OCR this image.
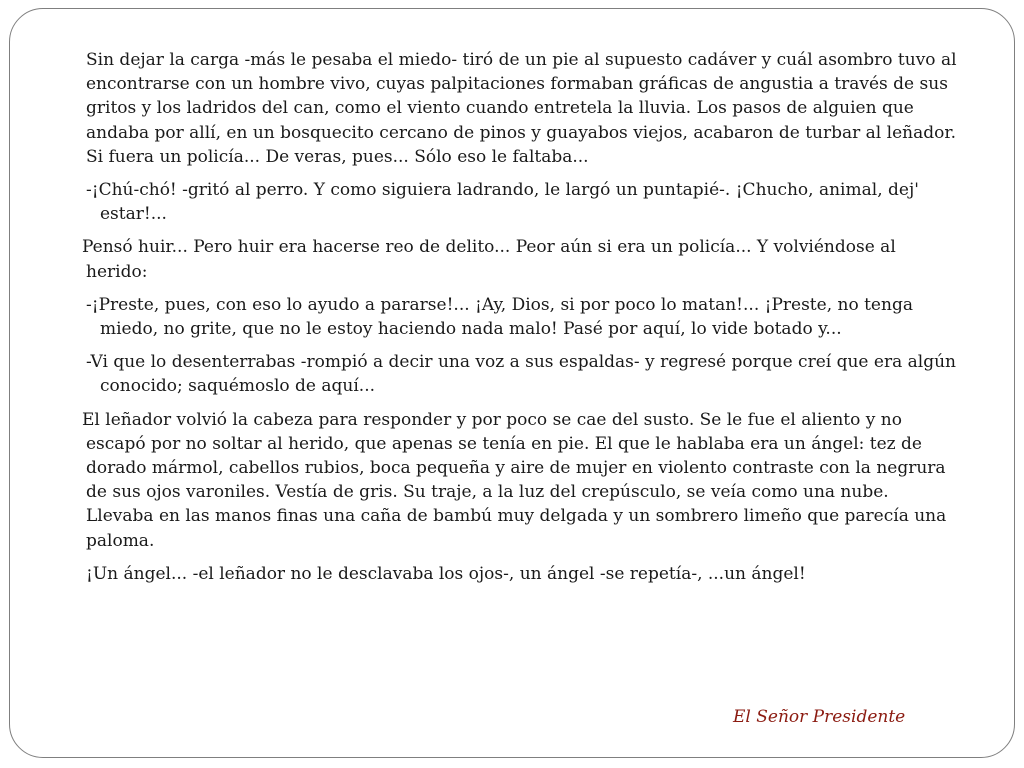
Sin dejar la carga -más le pesaba el miedo- tiró de un pie al supuesto cadáver y cuál asombro tuvo al encontrarse con un hombre vivo, cuyas palpitaciones formaban gráficas de angustia a través de sus gritos y los ladridos del can, como el viento cuando entretela la lluvia. Los pasos de alguien que andaba por allí, en un bosquecito cercano de pinos y guayabos viejos, acabaron de turbar al leñador. Si fuera un policía... De veras, pues... Sólo eso le faltaba...

-¡Chú-chó! -gritó al perro. Y como siguiera ladrando, le largó un puntapié-. ¡Chucho, animal, dej' estar!...

Pensó huir... Pero huir era hacerse reo de delito... Peor aún si era un policía... Y volviéndose al herido:

-¡Preste, pues, con eso lo ayudo a pararse!... ¡Ay, Dios, si por poco lo matan!... ¡Preste, no tenga miedo, no grite, que no le estoy haciendo nada malo! Pasé por aquí, lo vide botado y...

-Vi que lo desenterrabas -rompió a decir una voz a sus espaldas- y regresé porque creí que era algún conocido; saquémoslo de aquí...

El leñador volvió la cabeza para responder y por poco se cae del susto. Se le fue el aliento y no escapó por no soltar al herido, que apenas se tenía en pie. El que le hablaba era un ángel: tez de dorado mármol, cabellos rubios, boca pequeña y aire de mujer en violento contraste con la negrura de sus ojos varoniles. Vestía de gris. Su traje, a la luz del crepúsculo, se veía como una nube. Llevaba en las manos finas una caña de bambú muy delgada y un sombrero limeño que parecía una paloma.

¡Un ángel... -el leñador no le desclavaba los ojos-, un ángel -se repetía-, ...un ángel!

El Señor Presidente
